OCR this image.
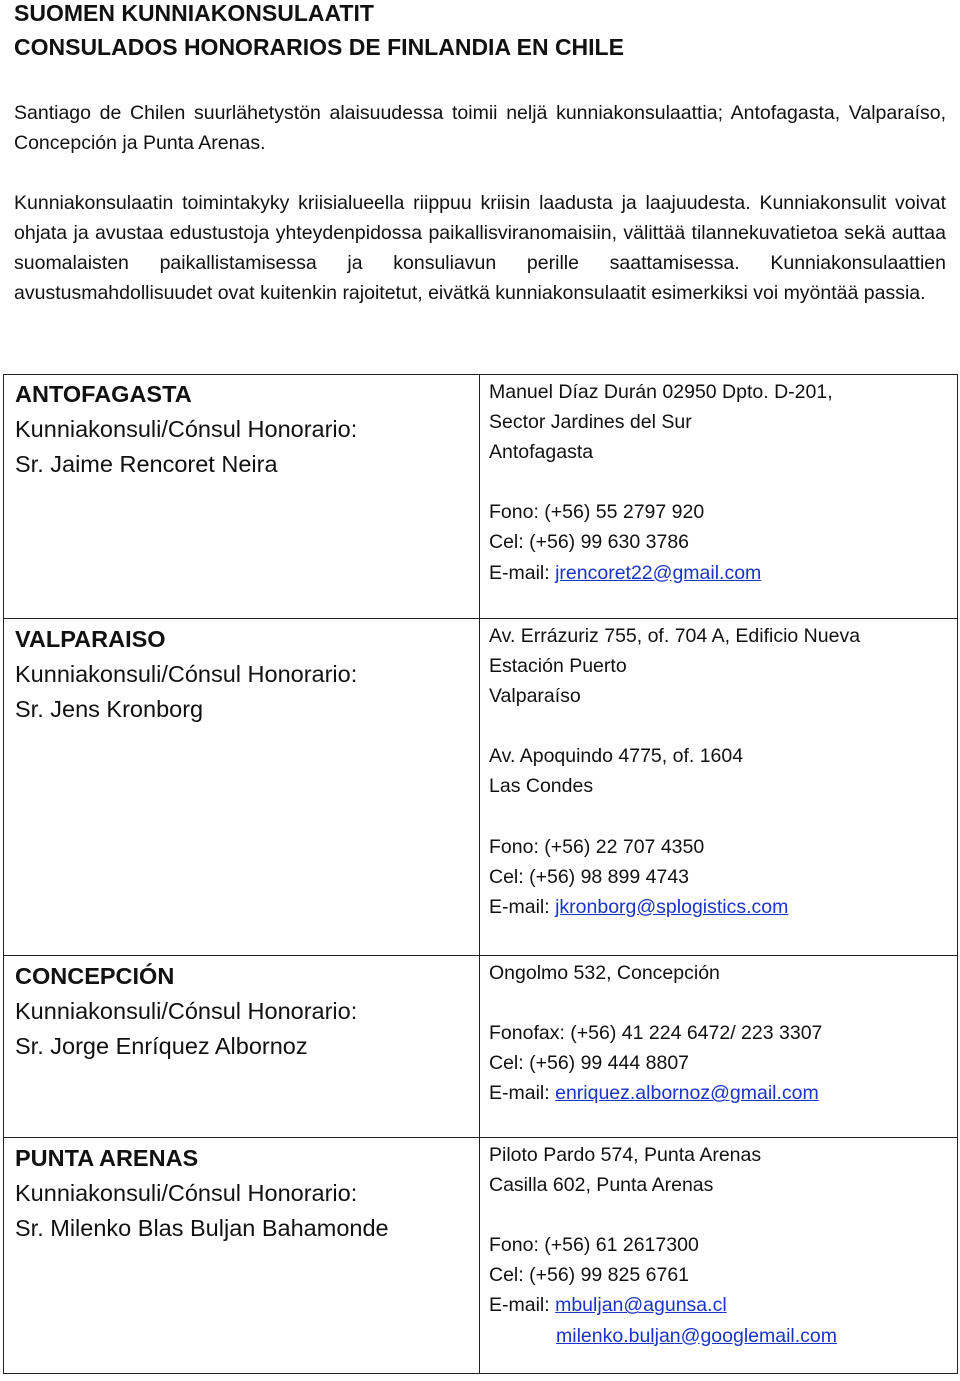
SUOMEN KUNNIAKONSULAATIT
CONSULADOS HONORARIOS DE FINLANDIA EN CHILE
Santiago de Chilen suurlähetystön alaisuudessa toimii neljä kunniakonsulaattia; Antofagasta, Valparaíso, Concepción ja Punta Arenas.
Kunniakonsulaatin toimintakyky kriisialueella riippuu kriisin laadusta ja laajuudesta. Kunniakonsulit voivat ohjata ja avustaa edustustoja yhteydenpidossa paikallisviranomaisiin, välittää tilannekuvatietoa sekä auttaa suomalaisten paikallistamisessa ja konsuliavun perille saattamisessa. Kunniakonsulaattien avustusmahdollisuudet ovat kuitenkin rajoitetut, eivätkä kunniakonsulaatit esimerkiksi voi myöntää passia.
ANTOFAGASTA
Kunniakonsuli/Cónsul Honorario:
Sr. Jaime Rencoret Neira
Manuel Díaz Durán 02950 Dpto. D-201,
Sector Jardines del Sur
Antofagasta
Fono: (+56) 55 2797 920
Cel: (+56) 99 630 3786
E-mail: jrencoret22@gmail.com
VALPARAISO
Kunniakonsuli/Cónsul Honorario:
Sr. Jens Kronborg
Av. Errázuriz 755, of. 704 A, Edificio Nueva
Estación Puerto
Valparaíso
Av. Apoquindo 4775, of. 1604
Las Condes
Fono: (+56) 22 707 4350
Cel: (+56) 98 899 4743
E-mail: jkronborg@splogistics.com
CONCEPCIÓN
Kunniakonsuli/Cónsul Honorario:
Sr. Jorge Enríquez Albornoz
Ongolmo 532, Concepción
Fonofax: (+56) 41 224 6472/ 223 3307
Cel: (+56) 99 444 8807
E-mail: enriquez.albornoz@gmail.com
PUNTA ARENAS
Kunniakonsuli/Cónsul Honorario:
Sr. Milenko Blas Buljan Bahamonde
Piloto Pardo 574, Punta Arenas
Casilla 602, Punta Arenas
Fono: (+56) 61 2617300
Cel: (+56) 99 825 6761
E-mail: mbuljan@agunsa.cl
milenko.buljan@googlemail.com
